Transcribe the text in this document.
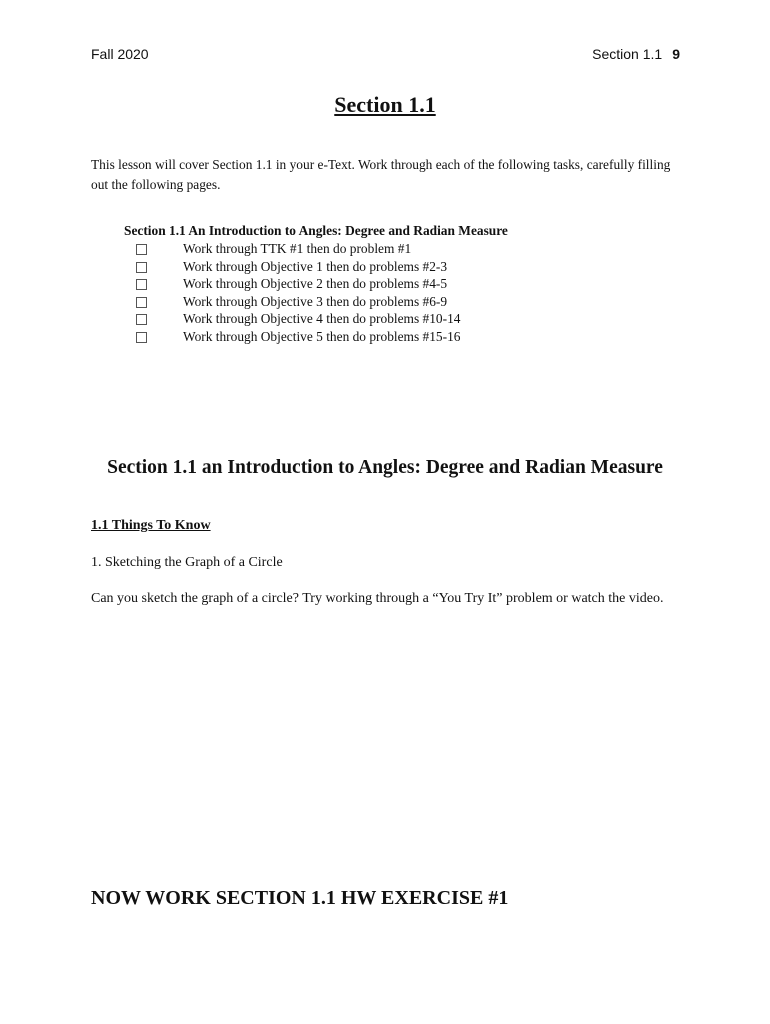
Fall 2020	Section 1.1 9
Section 1.1
This lesson will cover Section 1.1 in your e-Text. Work through each of the following tasks, carefully filling out the following pages.
Section 1.1 An Introduction to Angles: Degree and Radian Measure
Work through TTK #1 then do problem #1
Work through Objective 1 then do problems #2-3
Work through Objective 2 then do problems #4-5
Work through Objective 3 then do problems #6-9
Work through Objective 4 then do problems #10-14
Work through Objective 5 then do problems #15-16
Section 1.1 an Introduction to Angles: Degree and Radian Measure
1.1 Things To Know
1. Sketching the Graph of a Circle
Can you sketch the graph of a circle? Try working through a “You Try It” problem or watch the video.
NOW WORK SECTION 1.1 HW EXERCISE #1
